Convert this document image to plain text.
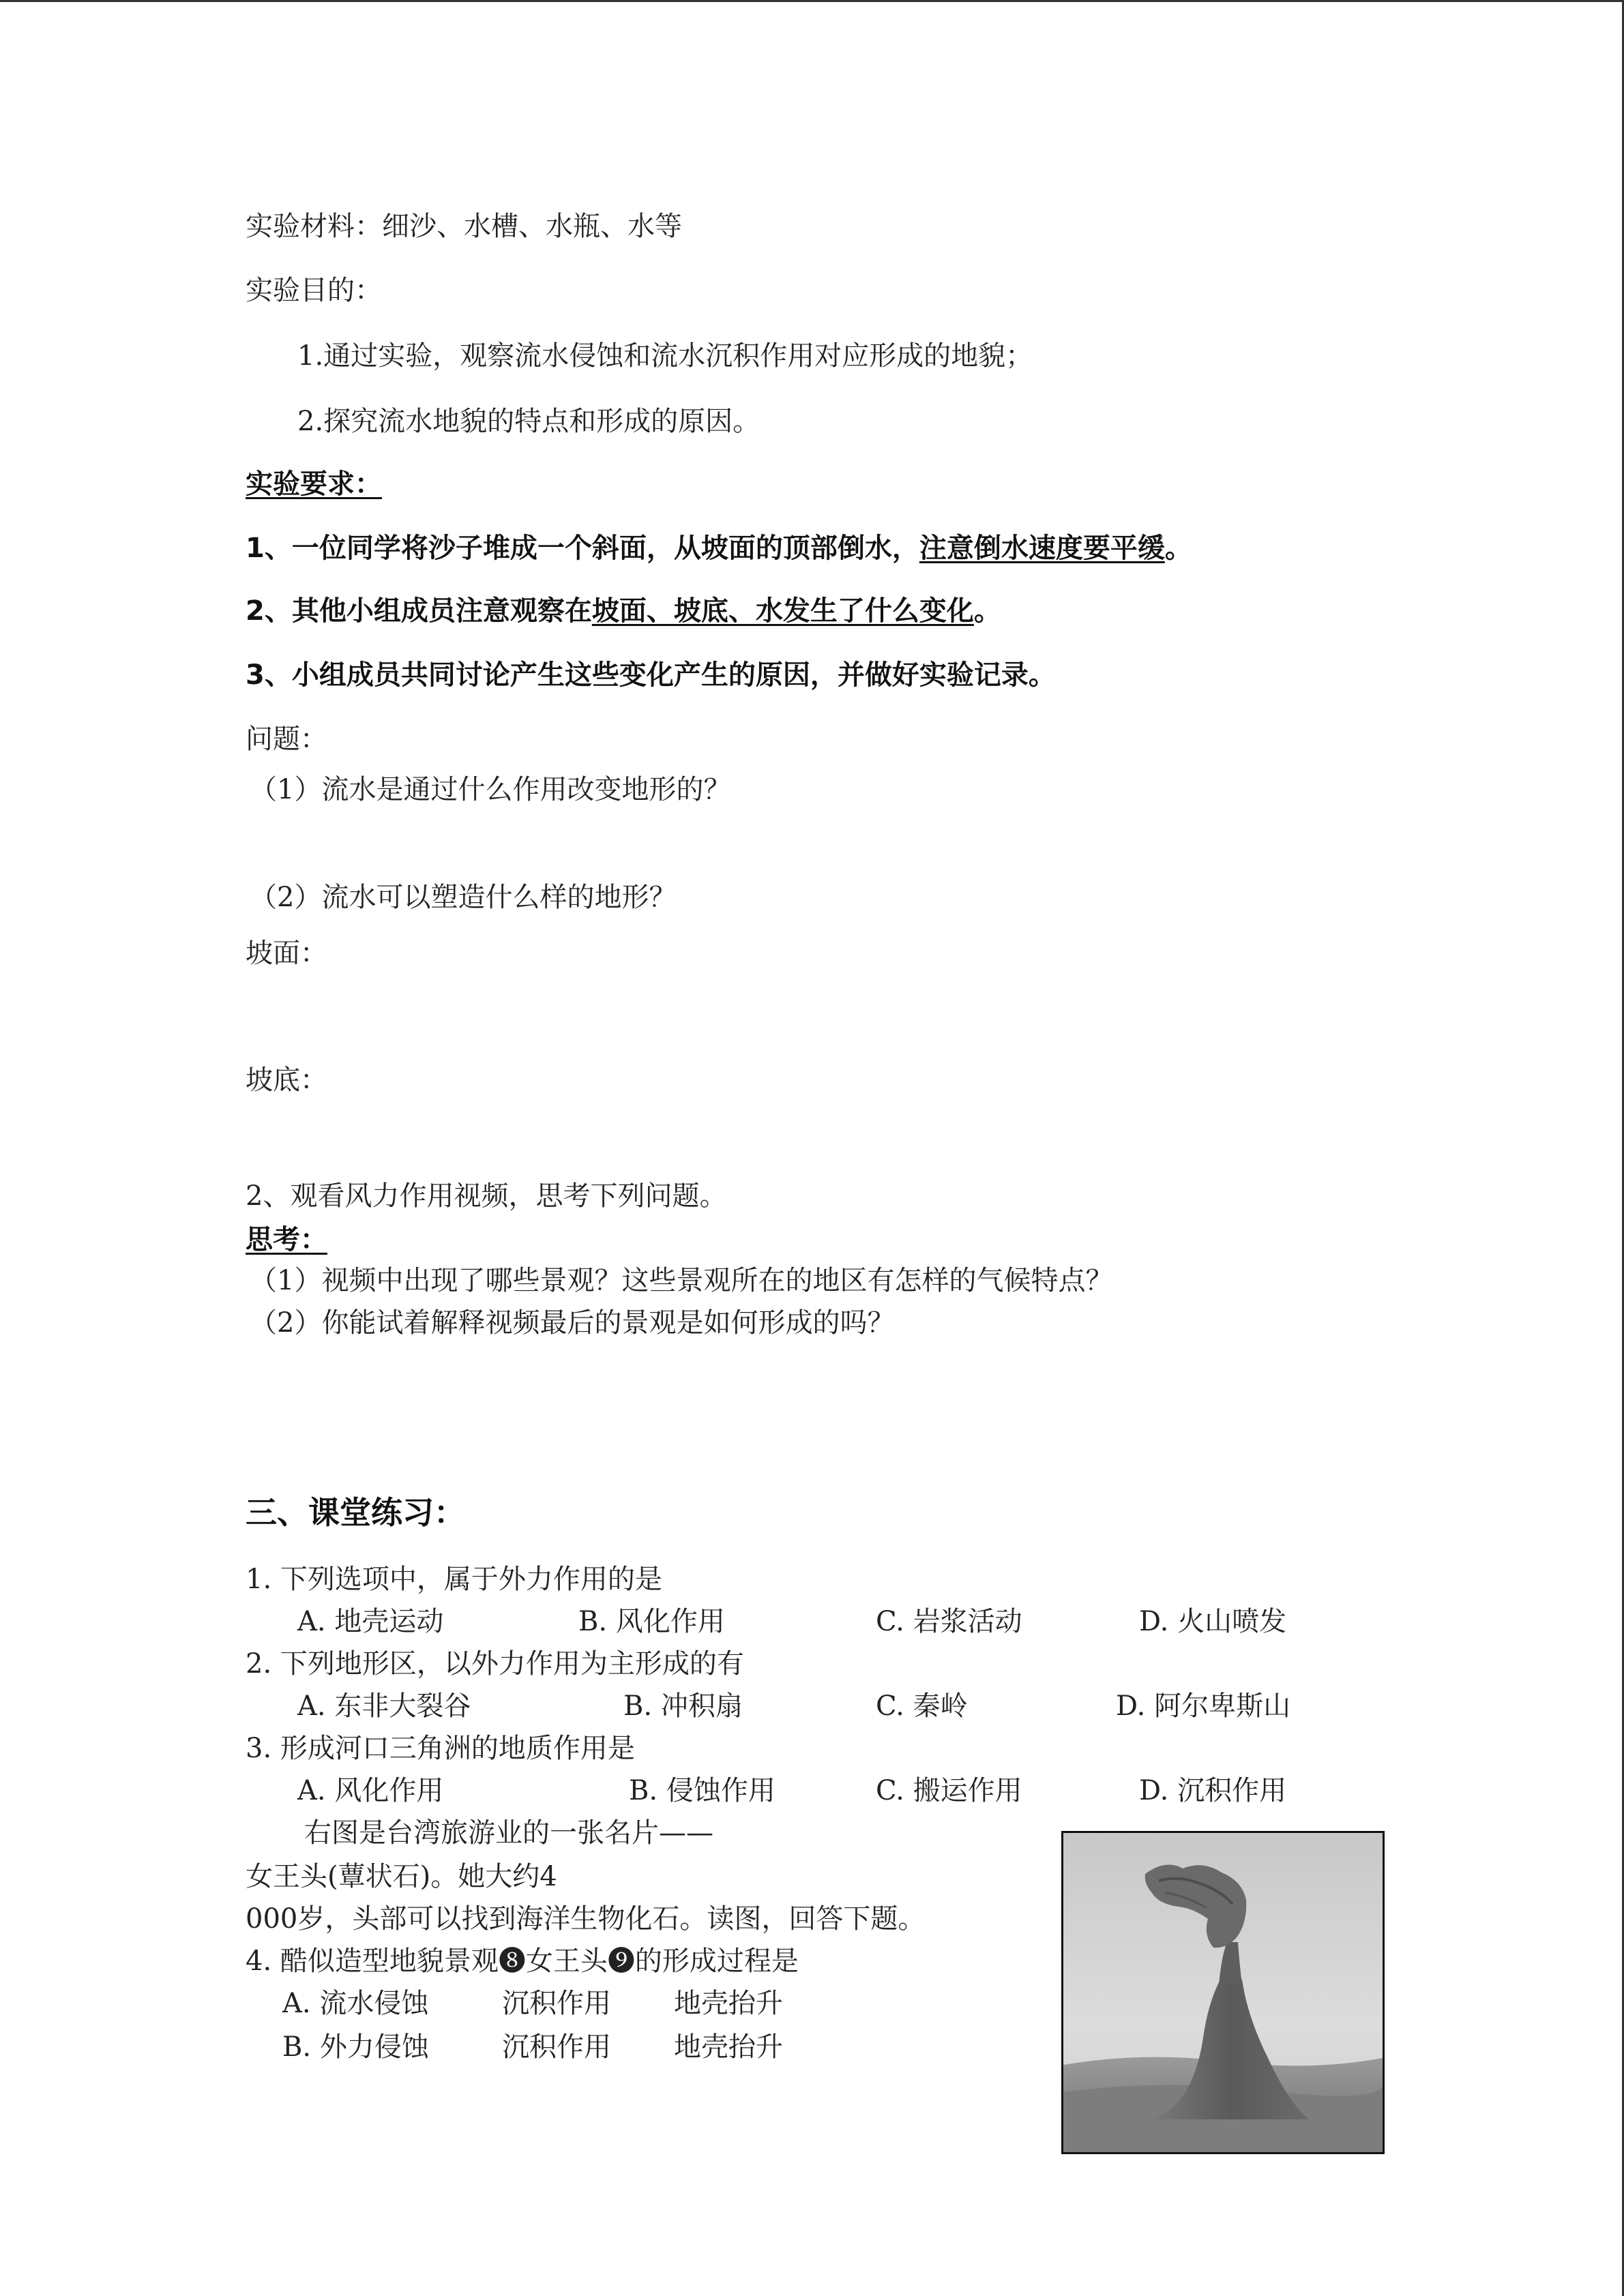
实验材料：细沙、水槽、水瓶、水等
实验目的：
1.通过实验，观察流水侵蚀和流水沉积作用对应形成的地貌；
2.探究流水地貌的特点和形成的原因。
实验要求：
1、一位同学将沙子堆成一个斜面，从坡面的顶部倒水，注意倒水速度要平缓。
2、其他小组成员注意观察在坡面、坡底、水发生了什么变化。
3、小组成员共同讨论产生这些变化产生的原因，并做好实验记录。
问题：
（1）流水是通过什么作用改变地形的？
（2）流水可以塑造什么样的地形？
坡面：
坡底：
2、观看风力作用视频，思考下列问题。
思考：
（1）视频中出现了哪些景观？这些景观所在的地区有怎样的气候特点？
（2）你能试着解释视频最后的景观是如何形成的吗？
三、课堂练习：
1. 下列选项中，属于外力作用的是
A. 地壳运动	B. 风化作用	C. 岩浆活动	D. 火山喷发
2. 下列地形区，以外力作用为主形成的有
A. 东非大裂谷	B. 冲积扇	C. 秦岭	D. 阿尔卑斯山
3. 形成河口三角洲的地质作用是
A. 风化作用	B. 侵蚀作用	C. 搬运作用	D. 沉积作用
右图是台湾旅游业的一张名片——
女王头(蕈状石)。她大约4
000岁，头部可以找到海洋生物化石。读图，回答下题。
4. 酷似造型地貌景观❽女王头❾的形成过程是
A. 流水侵蚀	沉积作用 地壳抬升
B. 外力侵蚀	沉积作用 地壳抬升
